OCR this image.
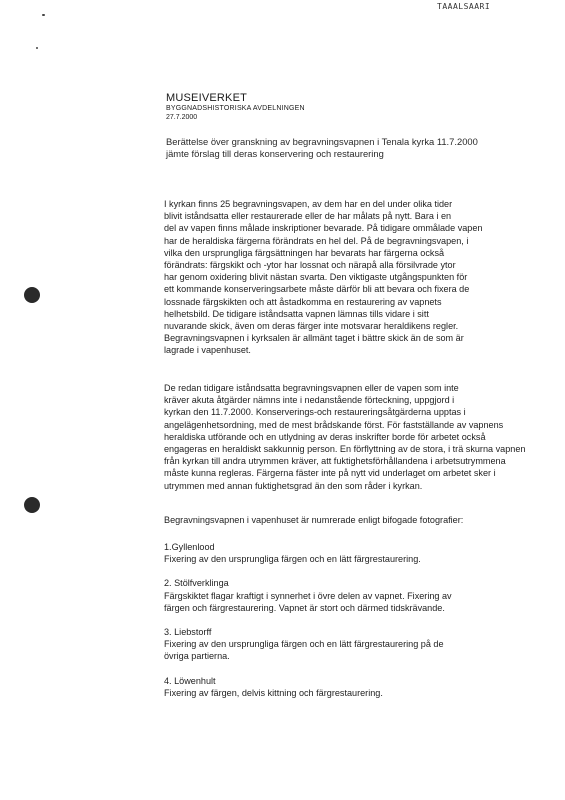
TAAALSAARI
MUSEIVERKET
BYGGNADSHISTORISKA AVDELNINGEN
27.7.2000
Berättelse över granskning av begravningsvapnen i Tenala kyrka 11.7.2000
jämte förslag till deras konservering och restaurering
I kyrkan finns 25 begravningsvapen, av dem har en del under olika tider
blivit iståndsatta eller restaurerade eller de har målats på nytt. Bara i en
del av vapen finns målade inskriptioner bevarade. På tidigare ommålade vapen
har de heraldiska färgerna förändrats en hel del. På de begravningsvapen, i
vilka den ursprungliga färgsättningen har bevarats har färgerna också
förändrats: färgskikt och -ytor har lossnat och närapå alla försilvrade ytor
har genom oxidering blivit nästan svarta. Den viktigaste utgångspunkten för
ett kommande konserveringsarbete måste därför bli att bevara och fixera de
lossnade färgskikten och att åstadkomma en restaurering av vapnets
helhetsbild. De tidigare iståndsatta vapnen lämnas tills vidare i sitt
nuvarande skick, även om deras färger inte motsvarar heraldikens regler.
Begravningsvapnen i kyrksalen är allmänt taget i bättre skick än de som är
lagrade i vapenhuset.
De redan tidigare iståndsatta begravningsvapnen eller de vapen som inte
kräver akuta åtgärder nämns inte i nedanstående förteckning, uppgjord i
kyrkan den 11.7.2000. Konserverings-och restaureringsåtgärderna upptas i
angelägenhetsordning, med de mest brådskande först. För fastställande av vapnens
heraldiska utförande och en utlydning av deras inskrifter borde för arbetet också
engageras en heraldiskt sakkunnig person. En förflyttning av de stora, i trä skurna vapnen
från kyrkan till andra utrymmen kräver, att fuktighetsförhållandena i arbetsutrymmena
måste kunna regleras. Färgerna fäster inte på nytt vid underlaget om arbetet sker i
utrymmen med annan fuktighetsgrad än den som råder i kyrkan.
Begravningsvapnen i vapenhuset är numrerade enligt bifogade fotografier:
1.Gyllenlood
Fixering av den ursprungliga färgen och en lätt färgrestaurering.
2. Stölfverklinga
Färgskiktet flagar kraftigt i synnerhet i övre delen av vapnet. Fixering av
färgen och färgrestaurering. Vapnet är stort och därmed tidskrävande.
3. Liebstorff
Fixering av den ursprungliga färgen och en lätt färgrestaurering på de
övriga partierna.
4. Löwenhult
Fixering av färgen, delvis kittning och färgrestaurering.
